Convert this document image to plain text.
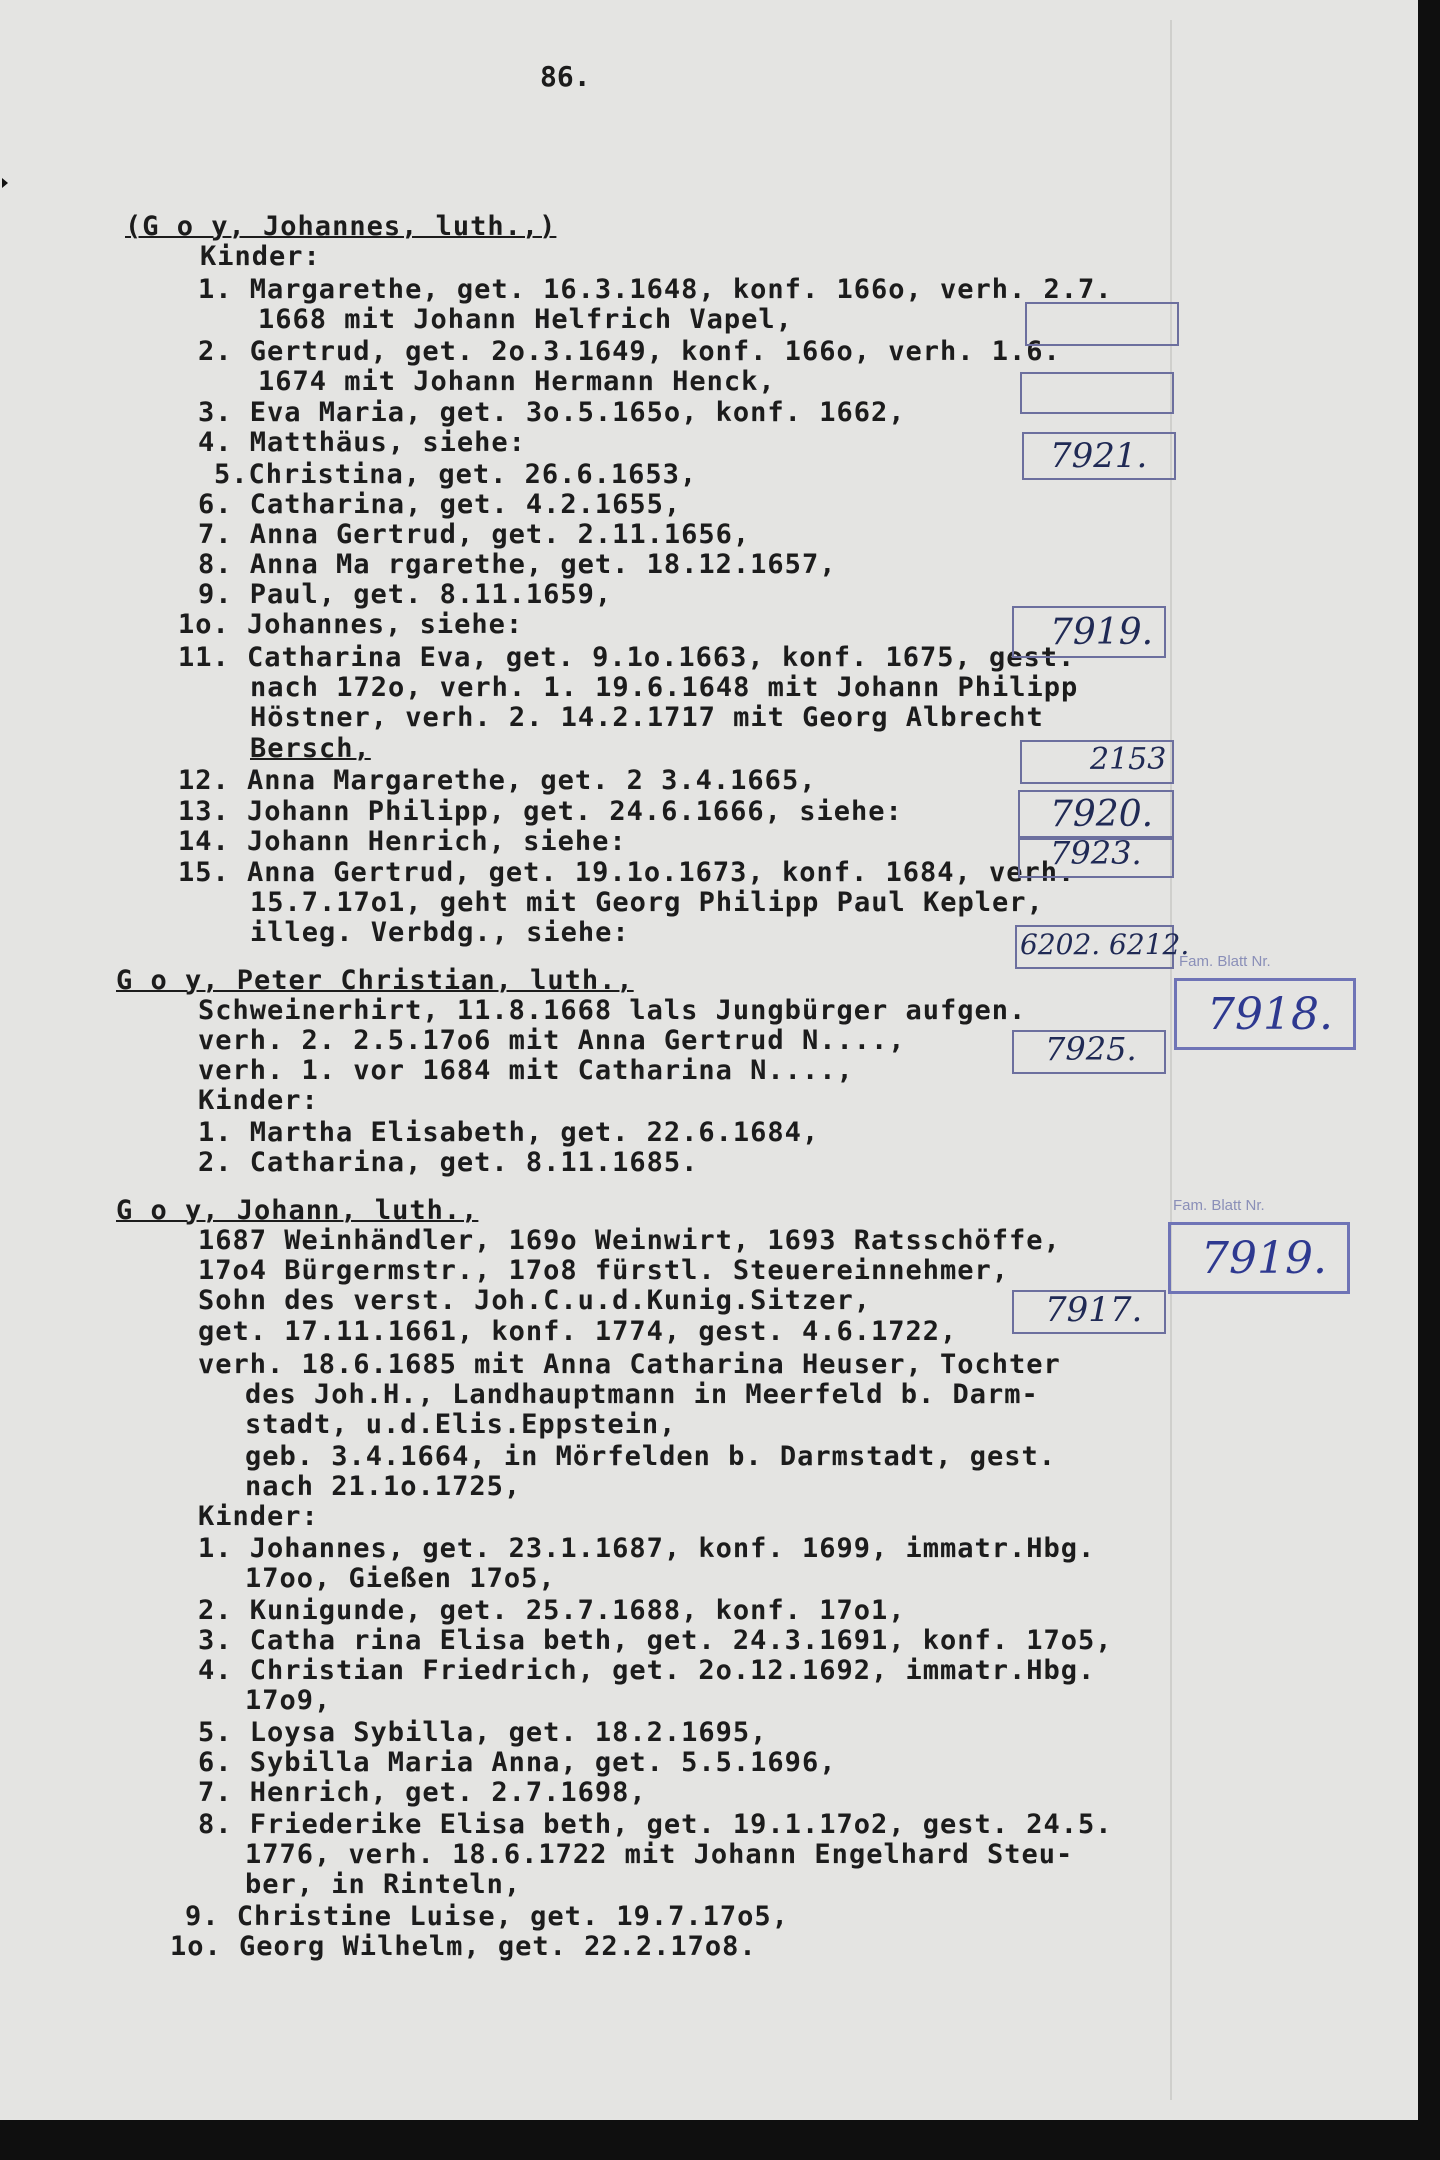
86.
(G o y, Johannes, luth.,)
Kinder:
1. Margarethe, get. 16.3.1648, konf. 166o, verh. 2.7.
1668 mit Johann Helfrich Vapel,
2. Gertrud, get. 2o.3.1649, konf. 166o, verh. 1.6.
1674 mit Johann Hermann Henck,
3. Eva Maria, get. 3o.5.165o, konf. 1662,
4. Matthäus, siehe:
5.Christina, get. 26.6.1653,
6. Catharina, get. 4.2.1655,
7. Anna Gertrud, get. 2.11.1656,
8. Anna Ma rgarethe, get. 18.12.1657,
9. Paul, get. 8.11.1659,
1o. Johannes, siehe:
11. Catharina Eva, get. 9.1o.1663, konf. 1675, gest.
nach 172o, verh. 1. 19.6.1648 mit Johann Philipp
Höstner, verh. 2. 14.2.1717 mit Georg Albrecht
Bersch,
12. Anna Margarethe, get. 2 3.4.1665,
13. Johann Philipp, get. 24.6.1666, siehe:
14. Johann Henrich, siehe:
15. Anna Gertrud, get. 19.1o.1673, konf. 1684, verh.
15.7.17o1, geht mit Georg Philipp Paul Kepler,
illeg. Verbdg., siehe:
G o y, Peter Christian, luth.,
Schweinerhirt, 11.8.1668 lals Jungbürger aufgen.
verh. 2. 2.5.17o6 mit Anna Gertrud N....,
verh. 1. vor 1684 mit Catharina N....,
Kinder:
1. Martha Elisabeth, get. 22.6.1684,
2. Catharina, get. 8.11.1685.
G o y, Johann, luth.,
1687 Weinhändler, 169o Weinwirt, 1693 Ratsschöffe,
17o4 Bürgermstr., 17o8 fürstl. Steuereinnehmer,
Sohn des verst. Joh.C.u.d.Kunig.Sitzer,
get. 17.11.1661, konf. 1774, gest. 4.6.1722,
verh. 18.6.1685 mit Anna Catharina Heuser, Tochter
des Joh.H., Landhauptmann in Meerfeld b. Darm-
stadt, u.d.Elis.Eppstein,
geb. 3.4.1664, in Mörfelden b. Darmstadt, gest.
nach 21.1o.1725,
Kinder:
1. Johannes, get. 23.1.1687, konf. 1699, immatr.Hbg.
17oo, Gießen 17o5,
2. Kunigunde, get. 25.7.1688, konf. 17o1,
3. Catha rina Elisa beth, get. 24.3.1691, konf. 17o5,
4. Christian Friedrich, get. 2o.12.1692, immatr.Hbg.
17o9,
5. Loysa Sybilla, get. 18.2.1695,
6. Sybilla Maria Anna, get. 5.5.1696,
7. Henrich, get. 2.7.1698,
8. Friederike Elisa beth, get. 19.1.17o2, gest. 24.5.
1776, verh. 18.6.1722 mit Johann Engelhard Steu-
ber, in Rinteln,
9. Christine Luise, get. 19.7.17o5,
1o. Georg Wilhelm, get. 22.2.17o8.
7921.
7919.
2153
7920.
7923.
6202. 6212.
7925.
7917.
Fam. Blatt Nr.
7918.
Fam. Blatt Nr.
7919.
